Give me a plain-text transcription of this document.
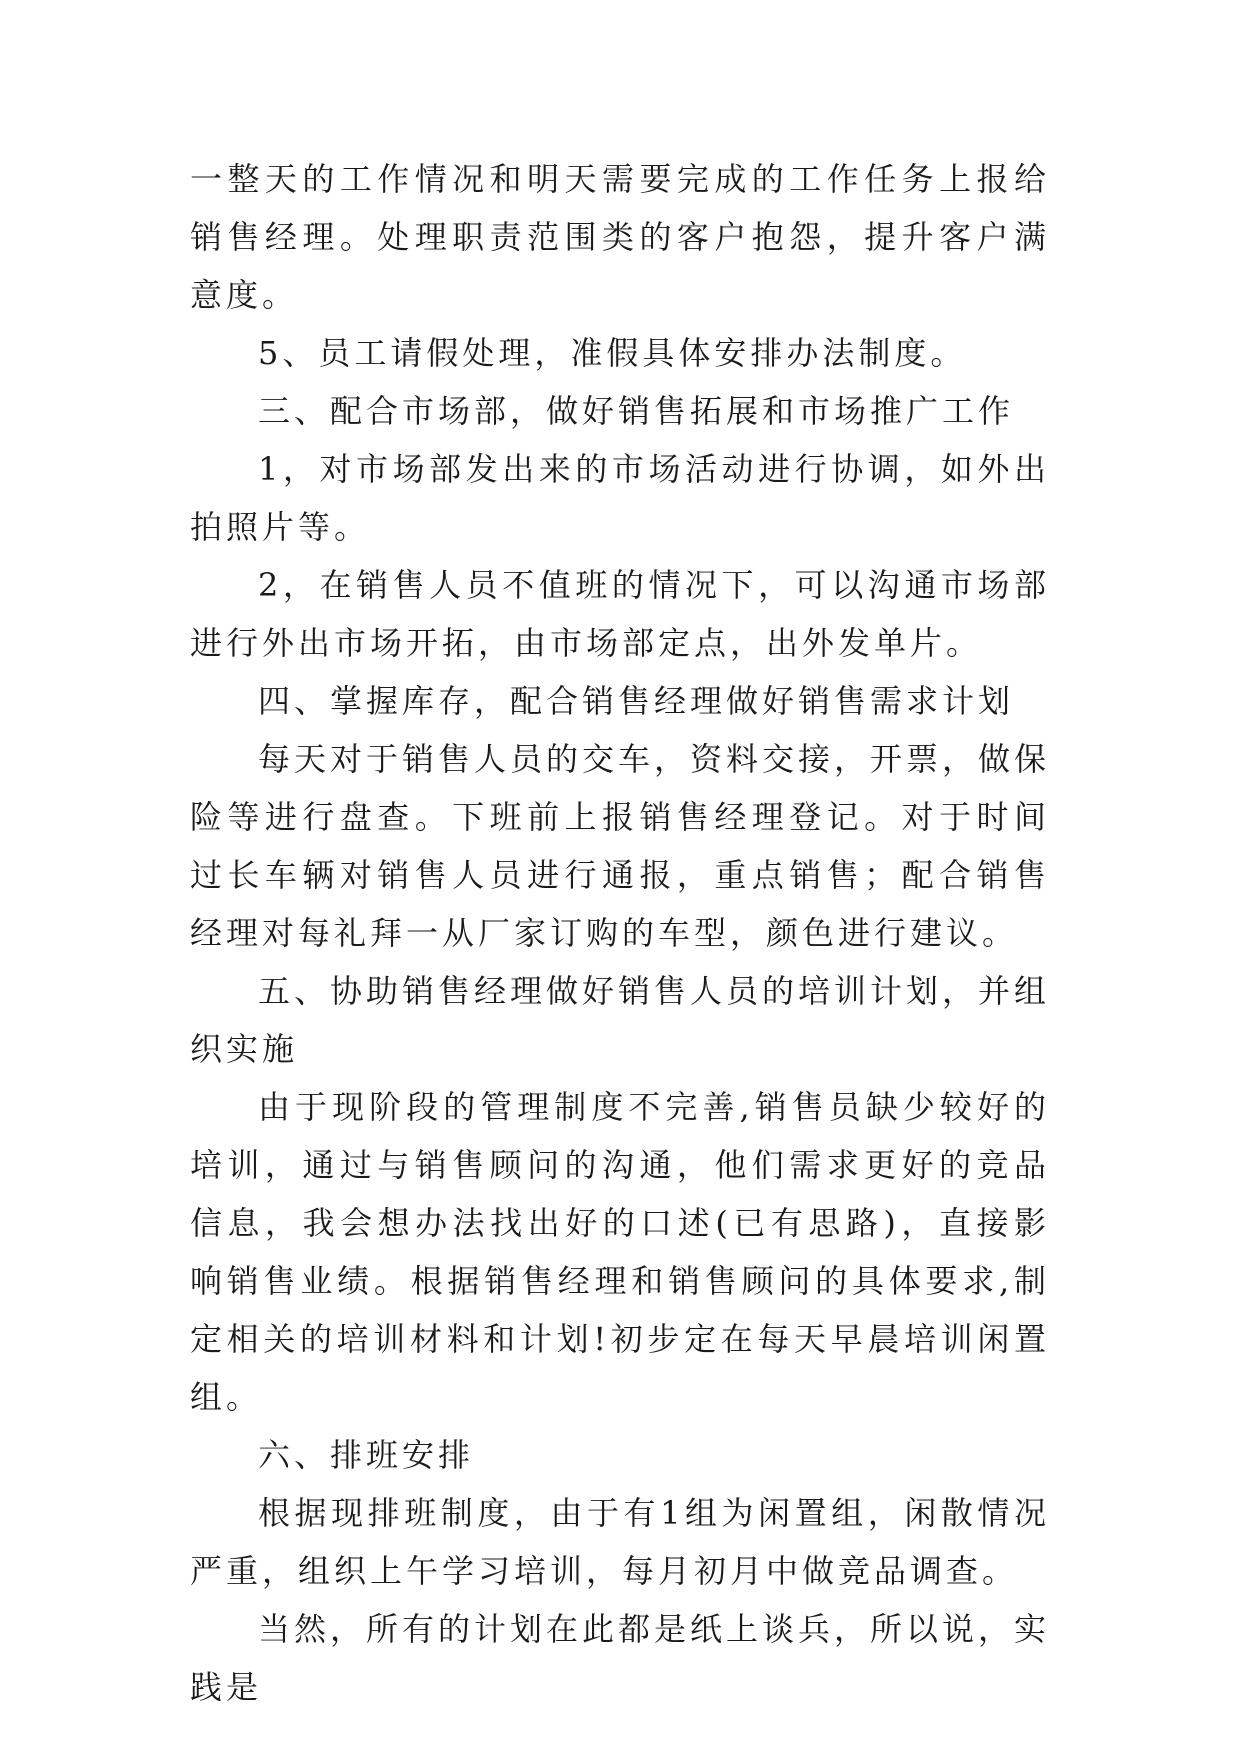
一整天的工作情况和明天需要完成的工作任务上报给销售经理。处理职责范围类的客户抱怨，提升客户满意度。

5、员工请假处理，准假具体安排办法制度。

三、配合市场部，做好销售拓展和市场推广工作

1，对市场部发出来的市场活动进行协调，如外出拍照片等。

2，在销售人员不值班的情况下，可以沟通市场部进行外出市场开拓，由市场部定点，出外发单片。

四、掌握库存，配合销售经理做好销售需求计划

每天对于销售人员的交车，资料交接，开票，做保险等进行盘查。下班前上报销售经理登记。对于时间过长车辆对销售人员进行通报，重点销售；配合销售经理对每礼拜一从厂家订购的车型，颜色进行建议。

五、协助销售经理做好销售人员的培训计划，并组织实施

由于现阶段的管理制度不完善,销售员缺少较好的培训，通过与销售顾问的沟通，他们需求更好的竞品信息，我会想办法找出好的口述(已有思路)，直接影响销售业绩。根据销售经理和销售顾问的具体要求,制定相关的培训材料和计划!初步定在每天早晨培训闲置组。

六、排班安排

根据现排班制度，由于有1组为闲置组，闲散情况严重，组织上午学习培训，每月初月中做竞品调查。

当然，所有的计划在此都是纸上谈兵，所以说，实践是
